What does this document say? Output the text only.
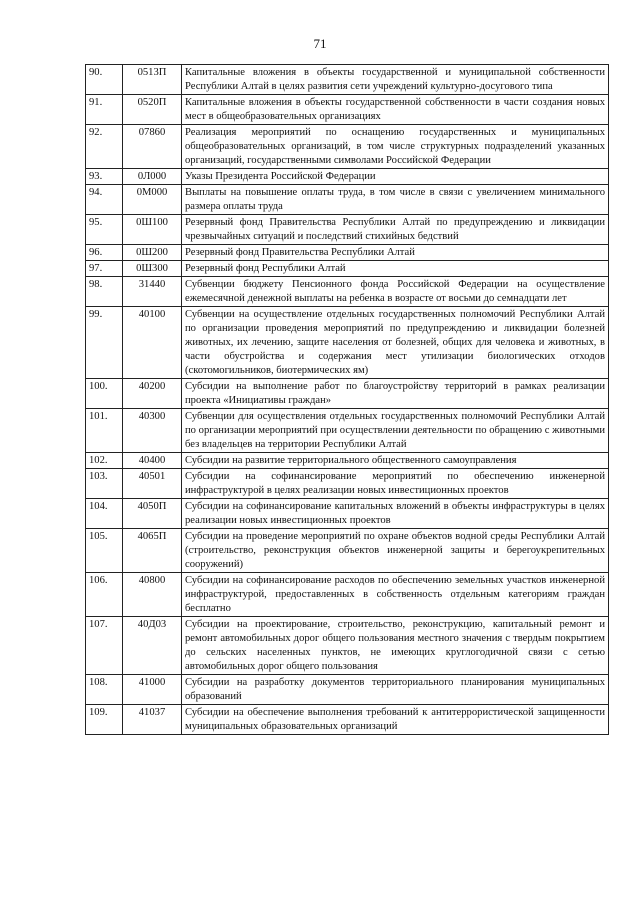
71
90.	0513П	Капитальные вложения в объекты государственной и муниципальной собственности Республики Алтай в целях развития сети учреждений культурно-досугового типа
91.	0520П	Капитальные вложения в объекты государственной собственности в части создания новых мест в общеобразовательных организациях
92.	07860	Реализация мероприятий по оснащению государственных и муниципальных общеобразовательных организаций, в том числе структурных подразделений указанных организаций, государственными символами Российской Федерации
93.	0Л000	Указы Президента Российской Федерации
94.	0М000	Выплаты на повышение оплаты труда, в том числе в связи с увеличением минимального размера оплаты труда
95.	0Ш100	Резервный фонд Правительства Республики Алтай по предупреждению и ликвидации чрезвычайных ситуаций и последствий стихийных бедствий
96.	0Ш200	Резервный фонд Правительства Республики Алтай
97.	0Ш300	Резервный фонд Республики Алтай
98.	31440	Субвенции бюджету Пенсионного фонда Российской Федерации на осуществление ежемесячной денежной выплаты на ребенка в возрасте от восьми до семнадцати лет
99.	40100	Субвенции на осуществление отдельных государственных полномочий Республики Алтай по организации проведения мероприятий по предупреждению и ликвидации болезней животных, их лечению, защите населения от болезней, общих для человека и животных, в части обустройства и содержания мест утилизации биологических отходов (скотомогильников, биотермических ям)
100.	40200	Субсидии на выполнение работ по благоустройству территорий в рамках реализации проекта «Инициативы граждан»
101.	40300	Субвенции для осуществления отдельных государственных полномочий Республики Алтай по организации мероприятий при осуществлении деятельности по обращению с животными без владельцев на территории Республики Алтай
102.	40400	Субсидии на развитие территориального общественного самоуправления
103.	40501	Субсидии на софинансирование мероприятий по обеспечению инженерной инфраструктурой в целях реализации новых инвестиционных проектов
104.	4050П	Субсидии на софинансирование капитальных вложений в объекты инфраструктуры в целях реализации новых инвестиционных проектов
105.	4065П	Субсидии на проведение мероприятий по охране объектов водной среды Республики Алтай (строительство, реконструкция объектов инженерной защиты и берегоукрепительных сооружений)
106.	40800	Субсидии на софинансирование расходов по обеспечению земельных участков инженерной инфраструктурой, предоставленных в собственность отдельным категориям граждан бесплатно
107.	40Д03	Субсидии на проектирование, строительство, реконструкцию, капитальный ремонт и ремонт автомобильных дорог общего пользования местного значения с твердым покрытием до сельских населенных пунктов, не имеющих круглогодичной связи с сетью автомобильных дорог общего пользования
108.	41000	Субсидии на разработку документов территориального планирования муниципальных образований
109.	41037	Субсидии на обеспечение выполнения требований к антитеррористической защищенности муниципальных образовательных организаций
